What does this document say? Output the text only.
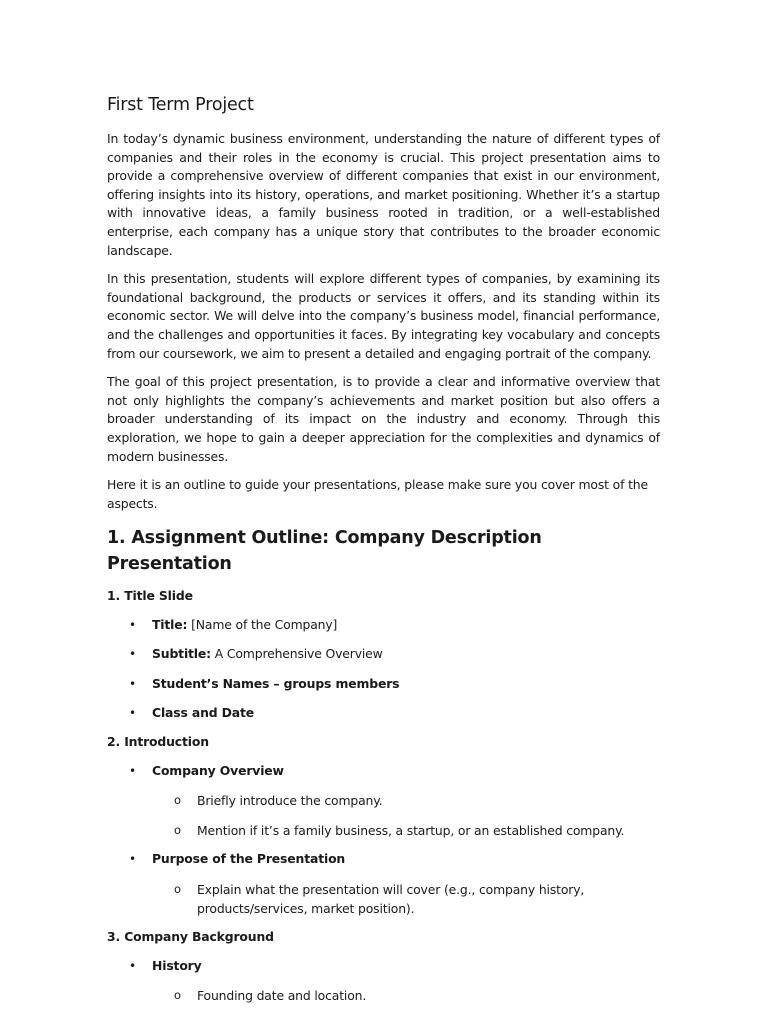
First Term Project

In today’s dynamic business environment, understanding the nature of different types of companies and their roles in the economy is crucial. This project presentation aims to provide a comprehensive overview of different companies that exist in our environment, offering insights into its history, operations, and market positioning. Whether it’s a startup with innovative ideas, a family business rooted in tradition, or a well-established enterprise, each company has a unique story that contributes to the broader economic landscape.

In this presentation, students will explore different types of companies, by examining its foundational background, the products or services it offers, and its standing within its economic sector. We will delve into the company’s business model, financial performance, and the challenges and opportunities it faces. By integrating key vocabulary and concepts from our coursework, we aim to present a detailed and engaging portrait of the company.

The goal of this project presentation, is to provide a clear and informative overview that not only highlights the company’s achievements and market position but also offers a broader understanding of its impact on the industry and economy. Through this exploration, we hope to gain a deeper appreciation for the complexities and dynamics of modern businesses.

Here it is an outline to guide your presentations, please make sure you cover most of the aspects.

1. Assignment Outline: Company Description Presentation
1. Title Slide
• Title: [Name of the Company]
• Subtitle: A Comprehensive Overview
• Student’s Names – groups members
• Class and Date
2. Introduction
• Company Overview
o Briefly introduce the company.
o Mention if it’s a family business, a startup, or an established company.
• Purpose of the Presentation
o Explain what the presentation will cover (e.g., company history, products/services, market position).
3. Company Background
• History
o Founding date and location.
